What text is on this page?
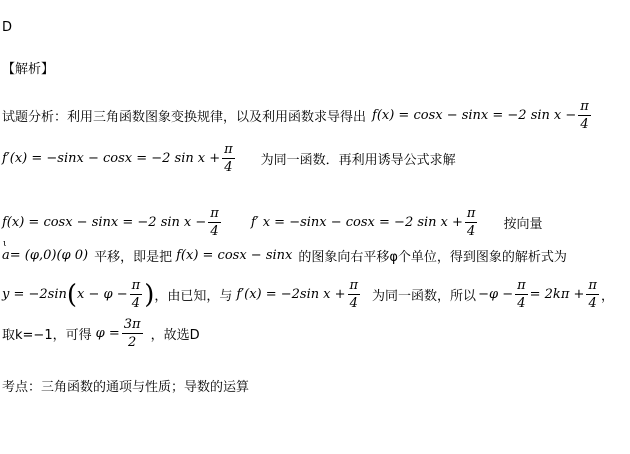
D
【解析】
试题分析：利用三角函数图象变换规律，以及利用函数求导得出 f(x) = cosx − sinx = −2 $\sin x - \frac{\pi}{4}$
f′(x) = −sinx − cosx = −2 $\sin x + \frac{\pi}{4}$ 为同一函数．再利用诱导公式求解
f(x) = cosx − sinx = −2 $\sin x - \frac{\pi}{4} f'$ x = −sinx − cosx = −2 $\sin x + \frac{\pi}{4}$ 按向量
ι
a = (φ,0)(φ 0) 平移，即是把 f(x) = cosx − sinx 的图象向右平移φ个单位，得到图象的解析式为
y = −2sin ( $x - \varphi - \frac{\pi}{4}$ ) ，由已知，与 f′(x) = −2sin $x + \frac{\pi}{4}$ 为同一函数，所以 $-\varphi - \frac{\pi}{4} = 2k\pi + \frac{\pi}{4}$ ，
取k=−1，可得 $\varphi = \frac{3\pi}{2}$ ，故选D
考点：三角函数的通项与性质；导数的运算
